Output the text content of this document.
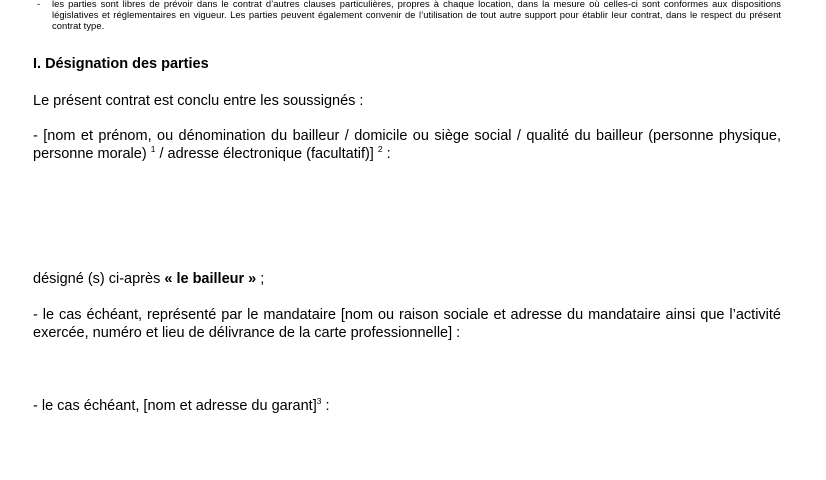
-	les parties sont libres de prévoir dans le contrat d’autres clauses particulières, propres à chaque location, dans la mesure où celles-ci sont conformes aux dispositions législatives et réglementaires en vigueur. Les parties peuvent également convenir de l’utilisation de tout autre support pour établir leur contrat, dans le respect du présent contrat type.
I. Désignation des parties
Le présent contrat est conclu entre les soussignés :
- [nom et prénom, ou dénomination du bailleur / domicile ou siège social / qualité du bailleur (personne physique, personne morale) $^1$ / adresse électronique (facultatif)] $^2$ :
désigné (s) ci-après « le bailleur » ;
- le cas échéant, représenté par le mandataire [nom ou raison sociale et adresse du mandataire ainsi que l’activité exercée, numéro et lieu de délivrance de la carte professionnelle] :
- le cas échéant, [nom et adresse du garant]$^3$ :
